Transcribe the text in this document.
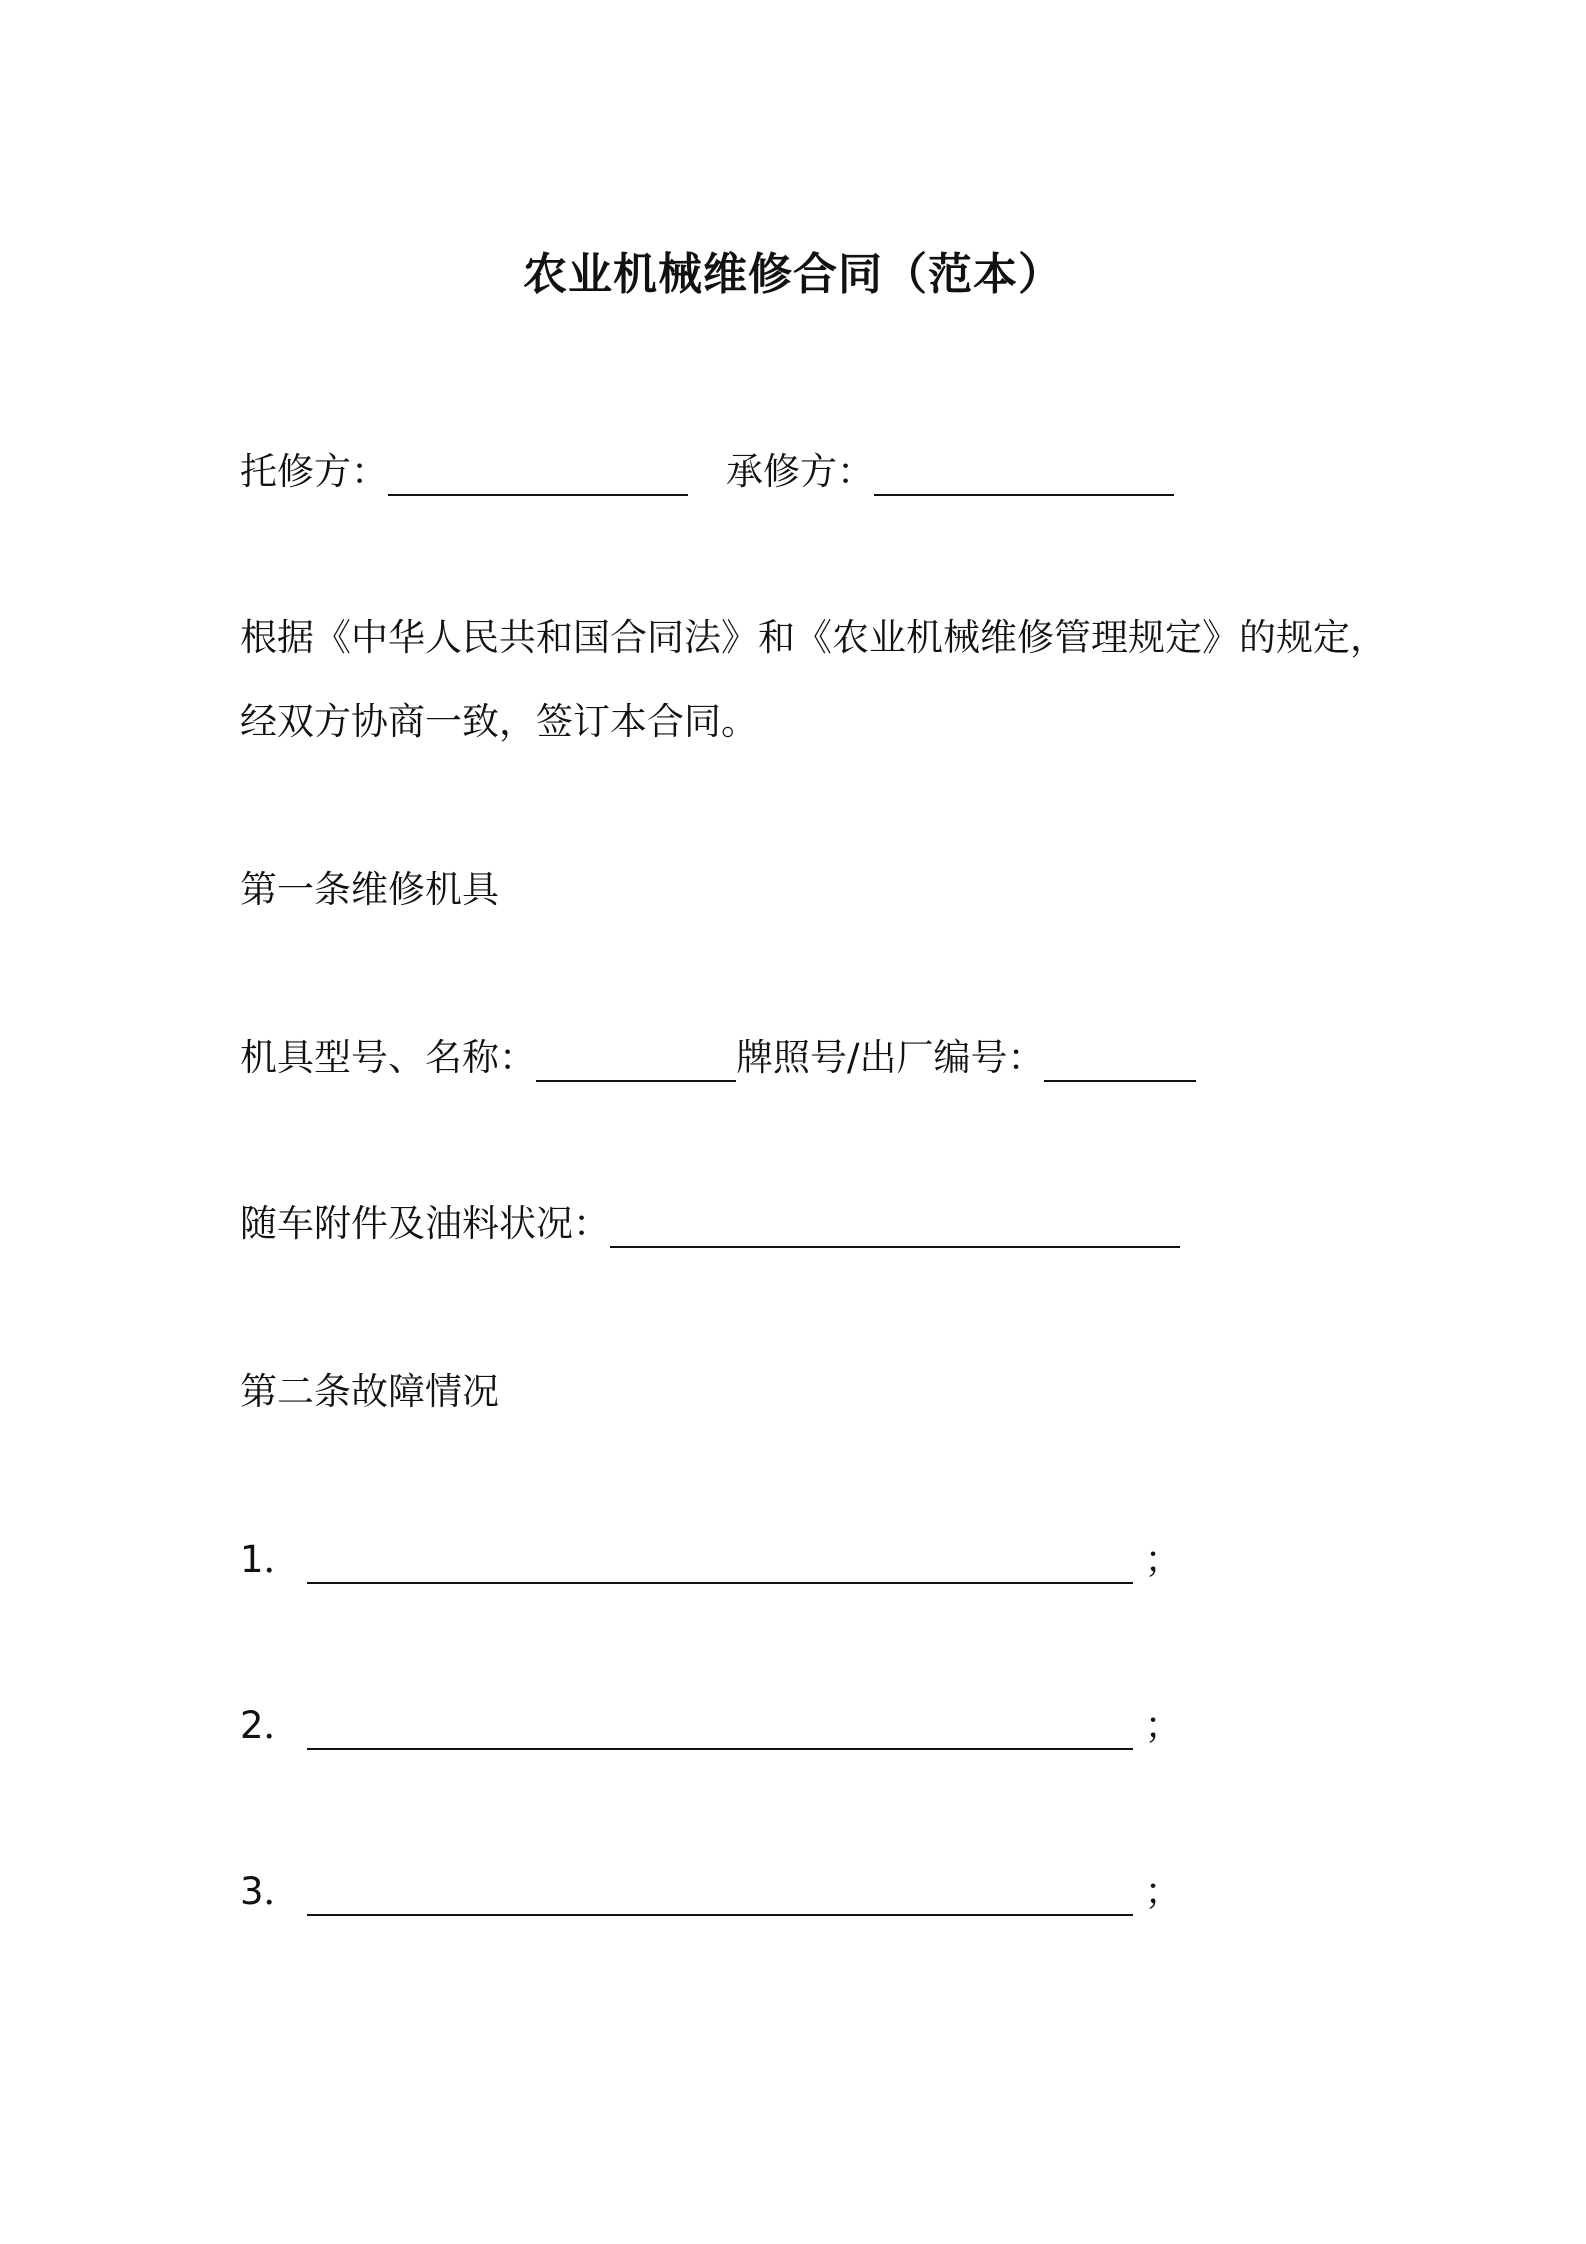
农业机械维修合同（范本）
托修方：	承修方：
根据《中华人民共和国合同法》和《农业机械维修管理规定》的规定，
经双方协商一致，签订本合同。
第一条维修机具
机具型号、名称：	牌照号/出厂编号：
随车附件及油料状况：
第二条故障情况
1．	；
2．	；
3．	；
